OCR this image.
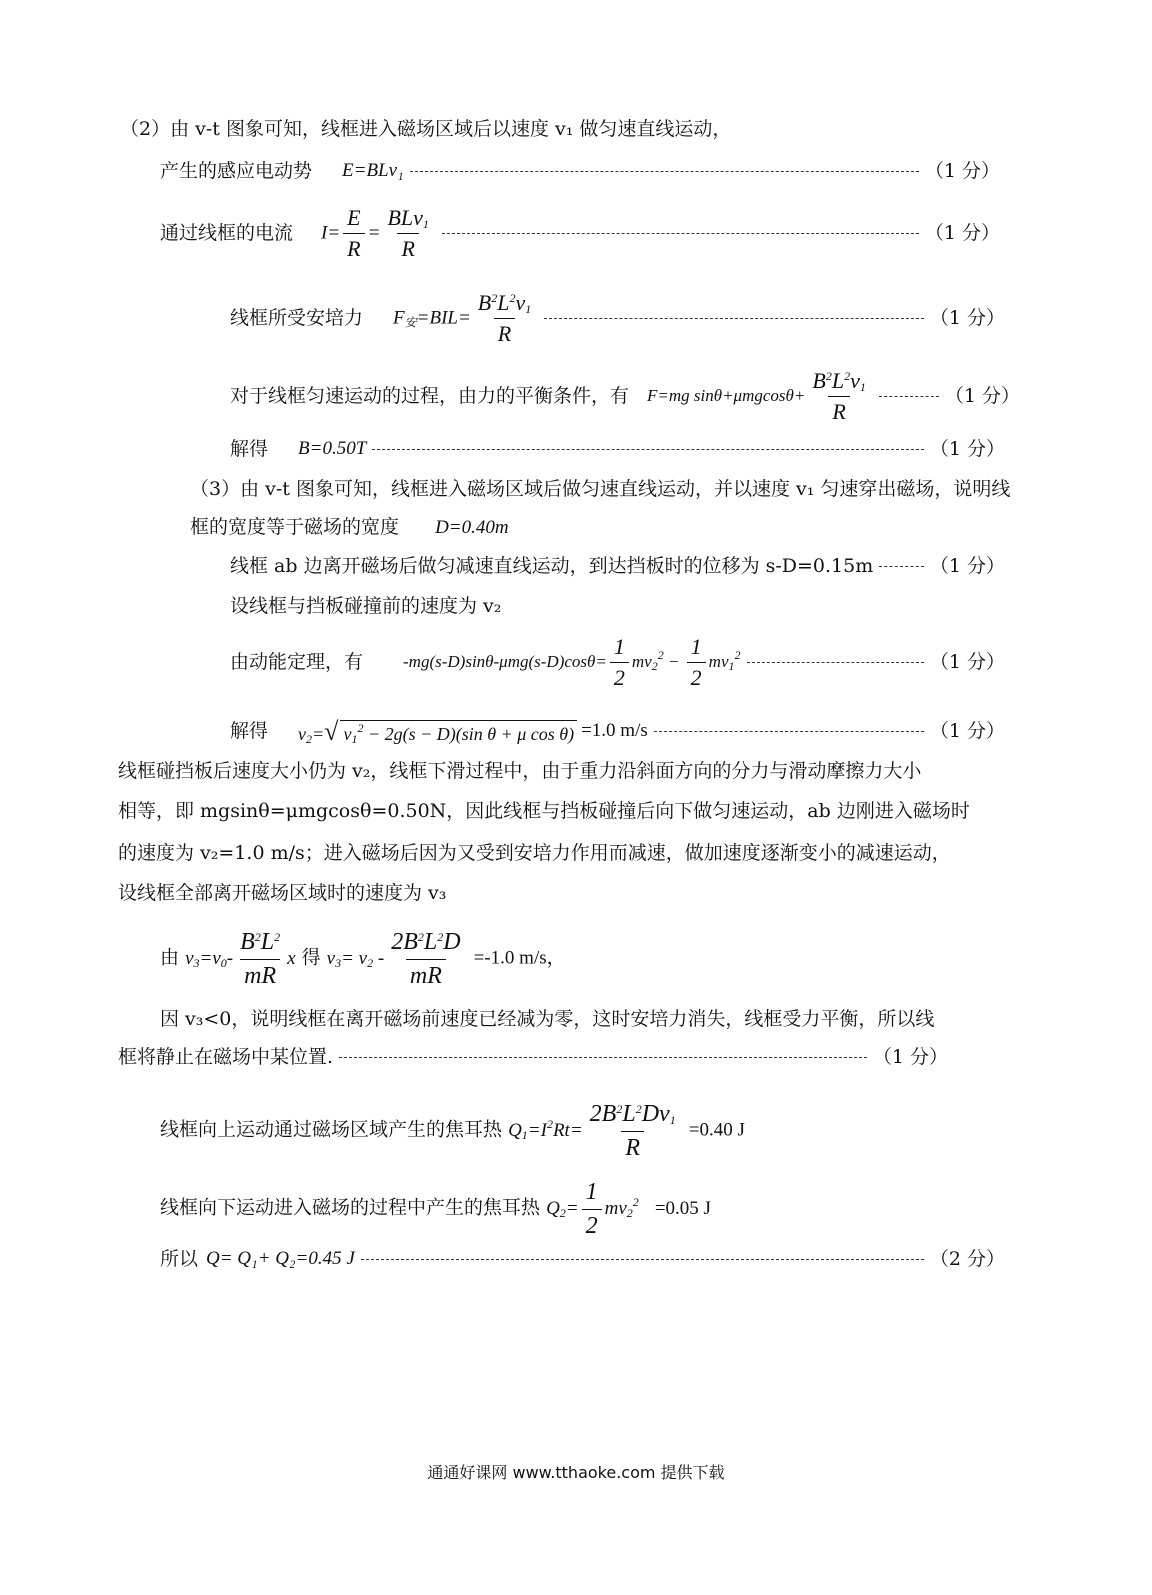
（2）由 v-t 图象可知，线框进入磁场区域后以速度 v₁ 做匀速直线运动，
产生的感应电动势 E=BLv₁	（1 分）
通过线框的电流 $I= \frac{E}{R} = \frac{BLv_1}{R}$	（1 分）
线框所受安培力 $F_安=BIL= \frac{B^2L^2v_1}{R}$	（1 分）
对于线框匀速运动的过程，由力的平衡条件，有 F=mg $\sin\theta+\mu mgcos\theta+ \frac{B^2L^2v_1}{R}$	（1 分）
解得 B=0.50T	（1 分）
（3）由 v-t 图象可知，线框进入磁场区域后做匀速直线运动，并以速度 v₁ 匀速穿出磁场，说明线
框的宽度等于磁场的宽度 D=0.40m
线框 ab 边离开磁场后做匀减速直线运动，到达挡板时的位移为 s-D=0.15m	（1 分）
设线框与挡板碰撞前的速度为 v₂
由动能定理，有 $-mg(s-D)\sin\theta-\mu mg(s-D)\cos\theta= \frac{1}{2} mv_2^2 - \frac{1}{2} mv_1^2$	（1 分）
解得 $v_2=√$ $v_1^2 - 2g(s - D)(\sin$ θ + μ cos θ) =1.0 m/s	（1 分）
线框碰挡板后速度大小仍为 v₂，线框下滑过程中，由于重力沿斜面方向的分力与滑动摩擦力大小
相等，即 mgsinθ=μmgcosθ=0.50N，因此线框与挡板碰撞后向下做匀速运动，ab 边刚进入磁场时
的速度为 v₂=1.0 m/s；进入磁场后因为又受到安培力作用而减速，做加速度逐渐变小的减速运动，
设线框全部离开磁场区域时的速度为 v₃
由 $v_3=v_0- \frac{B^2L^2}{mR}$ x 得 $v_3= v_2 - \frac{2B^2L^2D}{mR} =-1.0$ m/s，
因 v₃<0，说明线框在离开磁场前速度已经减为零，这时安培力消失，线框受力平衡，所以线
框将静止在磁场中某位置.	（1 分）
线框向上运动通过磁场区域产生的焦耳热 $Q_1=I^2Rt= \frac{2B^2L^2Dv_1}{R} =0.40$ J
线框向下运动进入磁场的过程中产生的焦耳热 $Q_2= \frac{1}{2} mv_2^2 =0.05$ J
所以 Q= Q₁+ Q₂=0.45 J	（2 分）
通通好课网 www.tthaoke.com 提供下载
